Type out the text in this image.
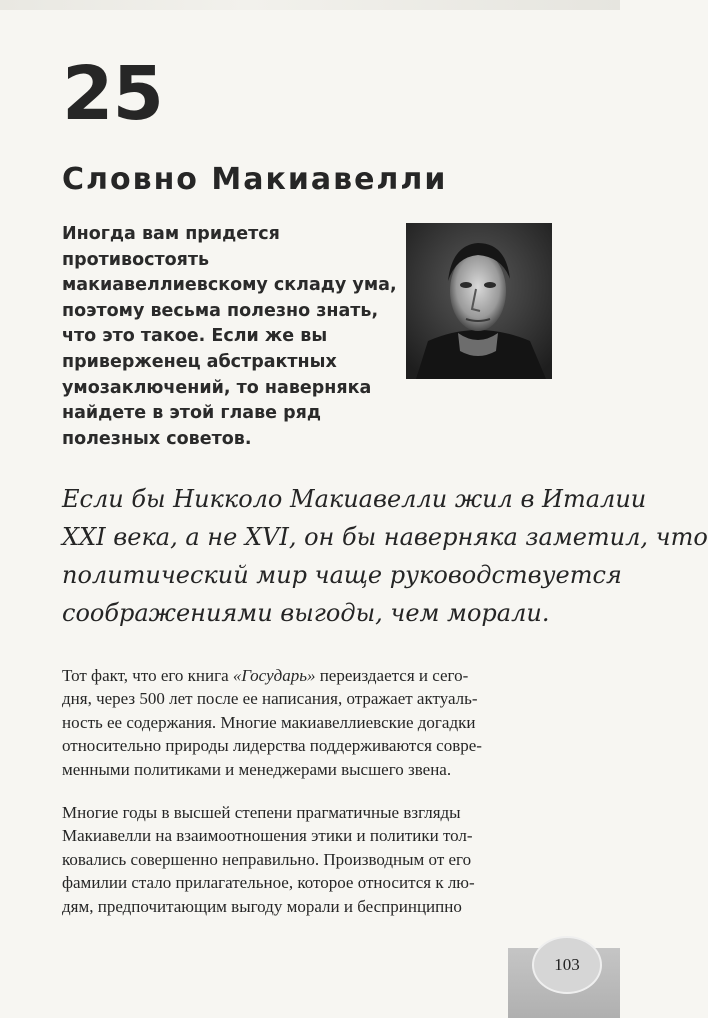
25
Словно Макиавелли
Иногда вам придется
противостоять
макиавеллиевскому складу ума,
поэтому весьма полезно знать,
что это такое. Если же вы
приверженец абстрактных
умозаключений, то наверняка
найдете в этой главе ряд
полезных советов.
Если бы Никколо Макиавелли жил в Италии
XXI века, а не XVI, он бы наверняка заметил, что
политический мир чаще руководствуется
соображениями выгоды, чем морали.
Тот факт, что его книга «Государь» переиздается и сего-
дня, через 500 лет после ее написания, отражает актуаль-
ность ее содержания. Многие макиавеллиевские догадки
относительно природы лидерства поддерживаются совре-
менными политиками и менеджерами высшего звена.
Многие годы в высшей степени прагматичные взгляды
Макиавелли на взаимоотношения этики и политики тол-
ковались совершенно неправильно. Производным от его
фамилии стало прилагательное, которое относится к лю-
дям, предпочитающим выгоду морали и беспринципно
103
